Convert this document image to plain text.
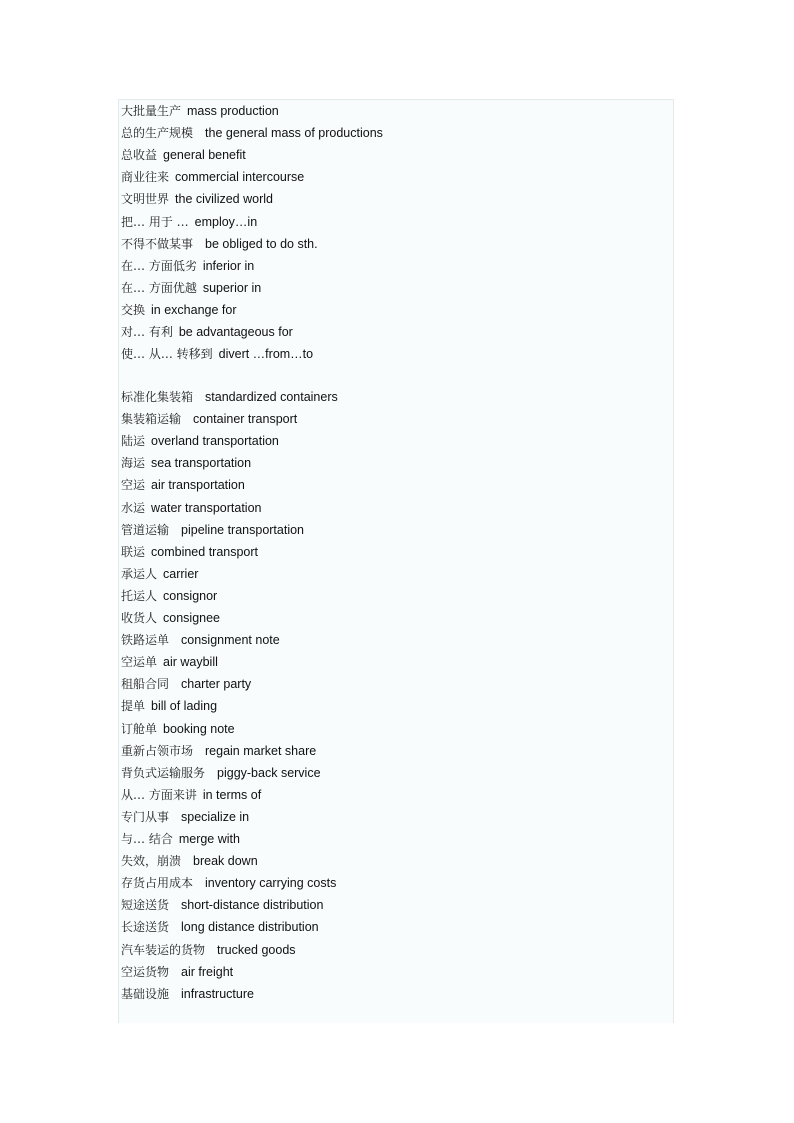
大批量生产 mass production
总的生产规模 the general mass of productions
总收益 general benefit
商业往来 commercial intercourse
文明世界 the civilized world
把… 用于 … employ…in
不得不做某事 be obliged to do sth.
在… 方面低劣 inferior in
在… 方面优越 superior in
交换 in exchange for
对… 有利 be advantageous for
使… 从… 转移到 divert …from…to
标准化集装箱 standardized containers
集装箱运输 container transport
陆运 overland transportation
海运 sea transportation
空运 air transportation
水运 water transportation
管道运输 pipeline transportation
联运 combined transport
承运人 carrier
托运人 consignor
收货人 consignee
铁路运单 consignment note
空运单 air waybill
租船合同 charter party
提单 bill of lading
订舱单 booking note
重新占领市场 regain market share
背负式运输服务 piggy-back service
从… 方面来讲 in terms of
专门从事 specialize in
与… 结合 merge with
失效，崩溃 break down
存货占用成本 inventory carrying costs
短途送货 short-distance distribution
长途送货 long distance distribution
汽车装运的货物 trucked goods
空运货物 air freight
基础设施 infrastructure
